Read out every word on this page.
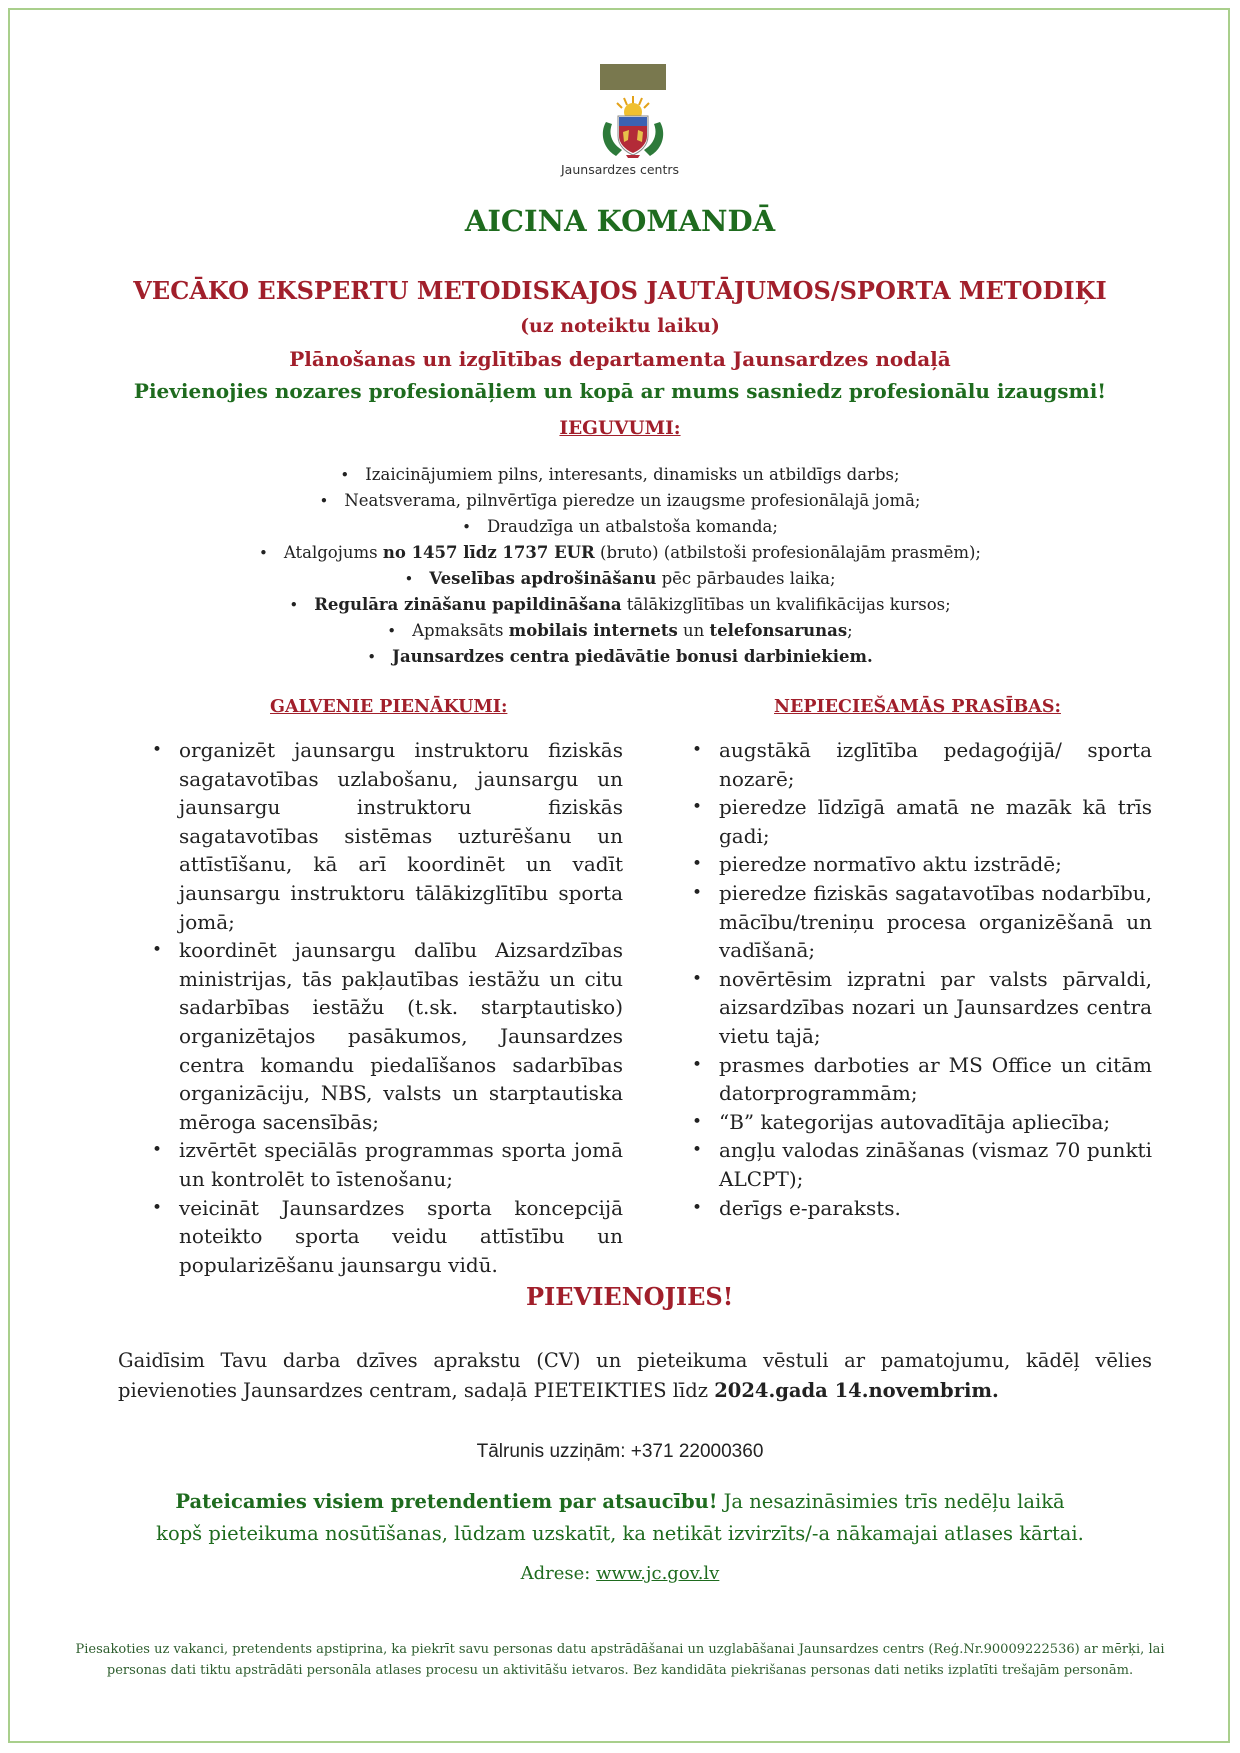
Jaunsardzes centrs
AICINA KOMANDĀ
VECĀKO EKSPERTU METODISKAJOS JAUTĀJUMOS/SPORTA METODIĶI
(uz noteiktu laiku)
Plānošanas un izglītības departamenta Jaunsardzes nodaļā
Pievienojies nozares profesionāļiem un kopā ar mums sasniedz profesionālu izaugsmi!
IEGUVUMI:
• Izaicinājumiem pilns, interesants, dinamisks un atbildīgs darbs;
• Neatsverama, pilnvērtīga pieredze un izaugsme profesionālajā jomā;
• Draudzīga un atbalstoša komanda;
• Atalgojums no 1457 līdz 1737 EUR (bruto) (atbilstoši profesionālajām prasmēm);
• Veselības apdrošināšanu pēc pārbaudes laika;
• Regulāra zināšanu papildināšana tālākizglītības un kvalifikācijas kursos;
• Apmaksāts mobilais internets un telefonsarunas;
• Jaunsardzes centra piedāvātie bonusi darbiniekiem.
GALVENIE PIENĀKUMI:	NEPIECIEŠAMĀS PRASĪBAS:
• organizēt jaunsargu instruktoru fiziskās sagatavotības uzlabošanu, jaunsargu un jaunsargu instruktoru fiziskās sagatavotības sistēmas uzturēšanu un attīstīšanu, kā arī koordinēt un vadīt jaunsargu instruktoru tālākizglītību sporta jomā;
• koordinēt jaunsargu dalību Aizsardzības ministrijas, tās pakļautības iestāžu un citu sadarbības iestāžu (t.sk. starptautisko) organizētajos pasākumos, Jaunsardzes centra komandu piedalīšanos sadarbības organizāciju, NBS, valsts un starptautiska mēroga sacensībās;
• izvērtēt speciālās programmas sporta jomā un kontrolēt to īstenošanu;
• veicināt Jaunsardzes sporta koncepcijā noteikto sporta veidu attīstību un popularizēšanu jaunsargu vidū.
• augstākā izglītība pedagoģijā/ sporta nozarē;
• pieredze līdzīgā amatā ne mazāk kā trīs gadi;
• pieredze normatīvo aktu izstrādē;
• pieredze fiziskās sagatavotības nodarbību, mācību/treniņu procesa organizēšanā un vadīšanā;
• novērtēsim izpratni par valsts pārvaldi, aizsardzības nozari un Jaunsardzes centra vietu tajā;
• prasmes darboties ar MS Office un citām datorprogrammām;
• “B” kategorijas autovadītāja apliecība;
• angļu valodas zināšanas (vismaz 70 punkti ALCPT);
• derīgs e-paraksts.
PIEVIENOJIES!
Gaidīsim Tavu darba dzīves aprakstu (CV) un pieteikuma vēstuli ar pamatojumu, kādēļ vēlies pievienoties Jaunsardzes centram, sadaļā PIETEIKTIES līdz 2024.gada 14.novembrim.
Tālrunis uzziņām: +371 22000360
Pateicamies visiem pretendentiem par atsaucību! Ja nesazināsimies trīs nedēļu laikā kopš pieteikuma nosūtīšanas, lūdzam uzskatīt, ka netikāt izvirzīts/-a nākamajai atlases kārtai.
Adrese: www.jc.gov.lv
Piesakoties uz vakanci, pretendents apstiprina, ka piekrīt savu personas datu apstrādāšanai un uzglabāšanai Jaunsardzes centrs (Reģ.Nr.90009222536) ar mērķi, lai personas dati tiktu apstrādāti personāla atlases procesu un aktivitāšu ietvaros. Bez kandidāta piekrišanas personas dati netiks izplatīti trešajām personām.
